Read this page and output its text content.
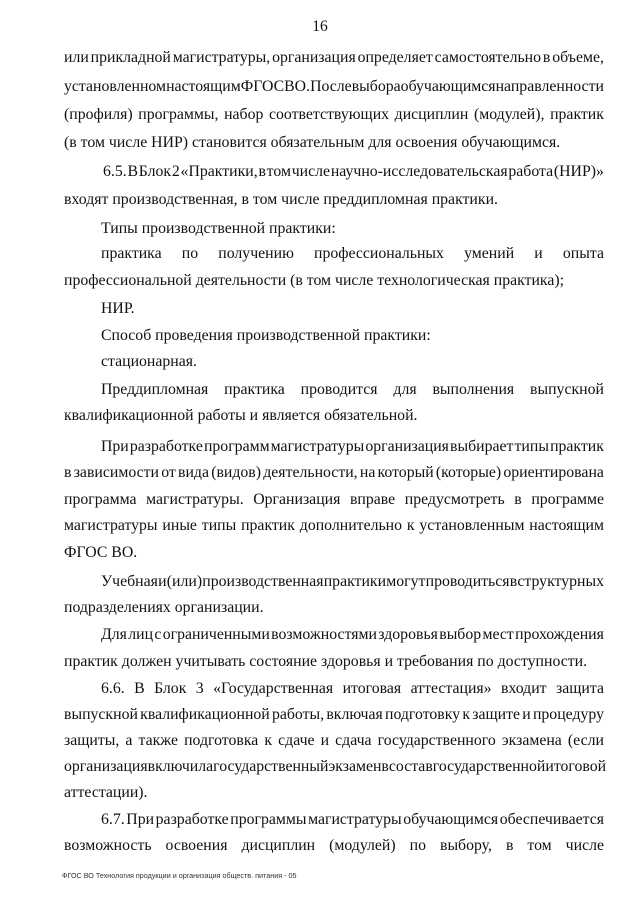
16
или прикладной магистратуры, организация определяет самостоятельно в объеме,
установленном настоящим ФГОС ВО. После выбора обучающимся направленности
(профиля) программы, набор соответствующих дисциплин (модулей), практик
(в том числе НИР) становится обязательным для освоения обучающимся.
6.5. В Блок 2 «Практики, в том числе научно-исследовательская работа (НИР)»
входят производственная, в том числе преддипломная практики.
Типы производственной практики:
практика по получению профессиональных умений и опыта
профессиональной деятельности (в том числе технологическая практика);
НИР.
Способ проведения производственной практики:
стационарная.
Преддипломная практика проводится для выполнения выпускной
квалификационной работы и является обязательной.
При разработке программ магистратуры организация выбирает типы практик
в зависимости от вида (видов) деятельности, на который (которые) ориентирована
программа магистратуры. Организация вправе предусмотреть в программе
магистратуры иные типы практик дополнительно к установленным настоящим
ФГОС ВО.
Учебная и (или) производственная практики могут проводиться в структурных
подразделениях организации.
Для лиц с ограниченными возможностями здоровья выбор мест прохождения
практик должен учитывать состояние здоровья и требования по доступности.
6.6. В Блок 3 «Государственная итоговая аттестация» входит защита
выпускной квалификационной работы, включая подготовку к защите и процедуру
защиты, а также подготовка к сдаче и сдача государственного экзамена (если
организация включила государственный экзамен в состав государственной итоговой
аттестации).
6.7. При разработке программы магистратуры обучающимся обеспечивается
возможность освоения дисциплин (модулей) по выбору, в том числе
ФГОС ВО Технология продукции и организация обществ. питания - 05
